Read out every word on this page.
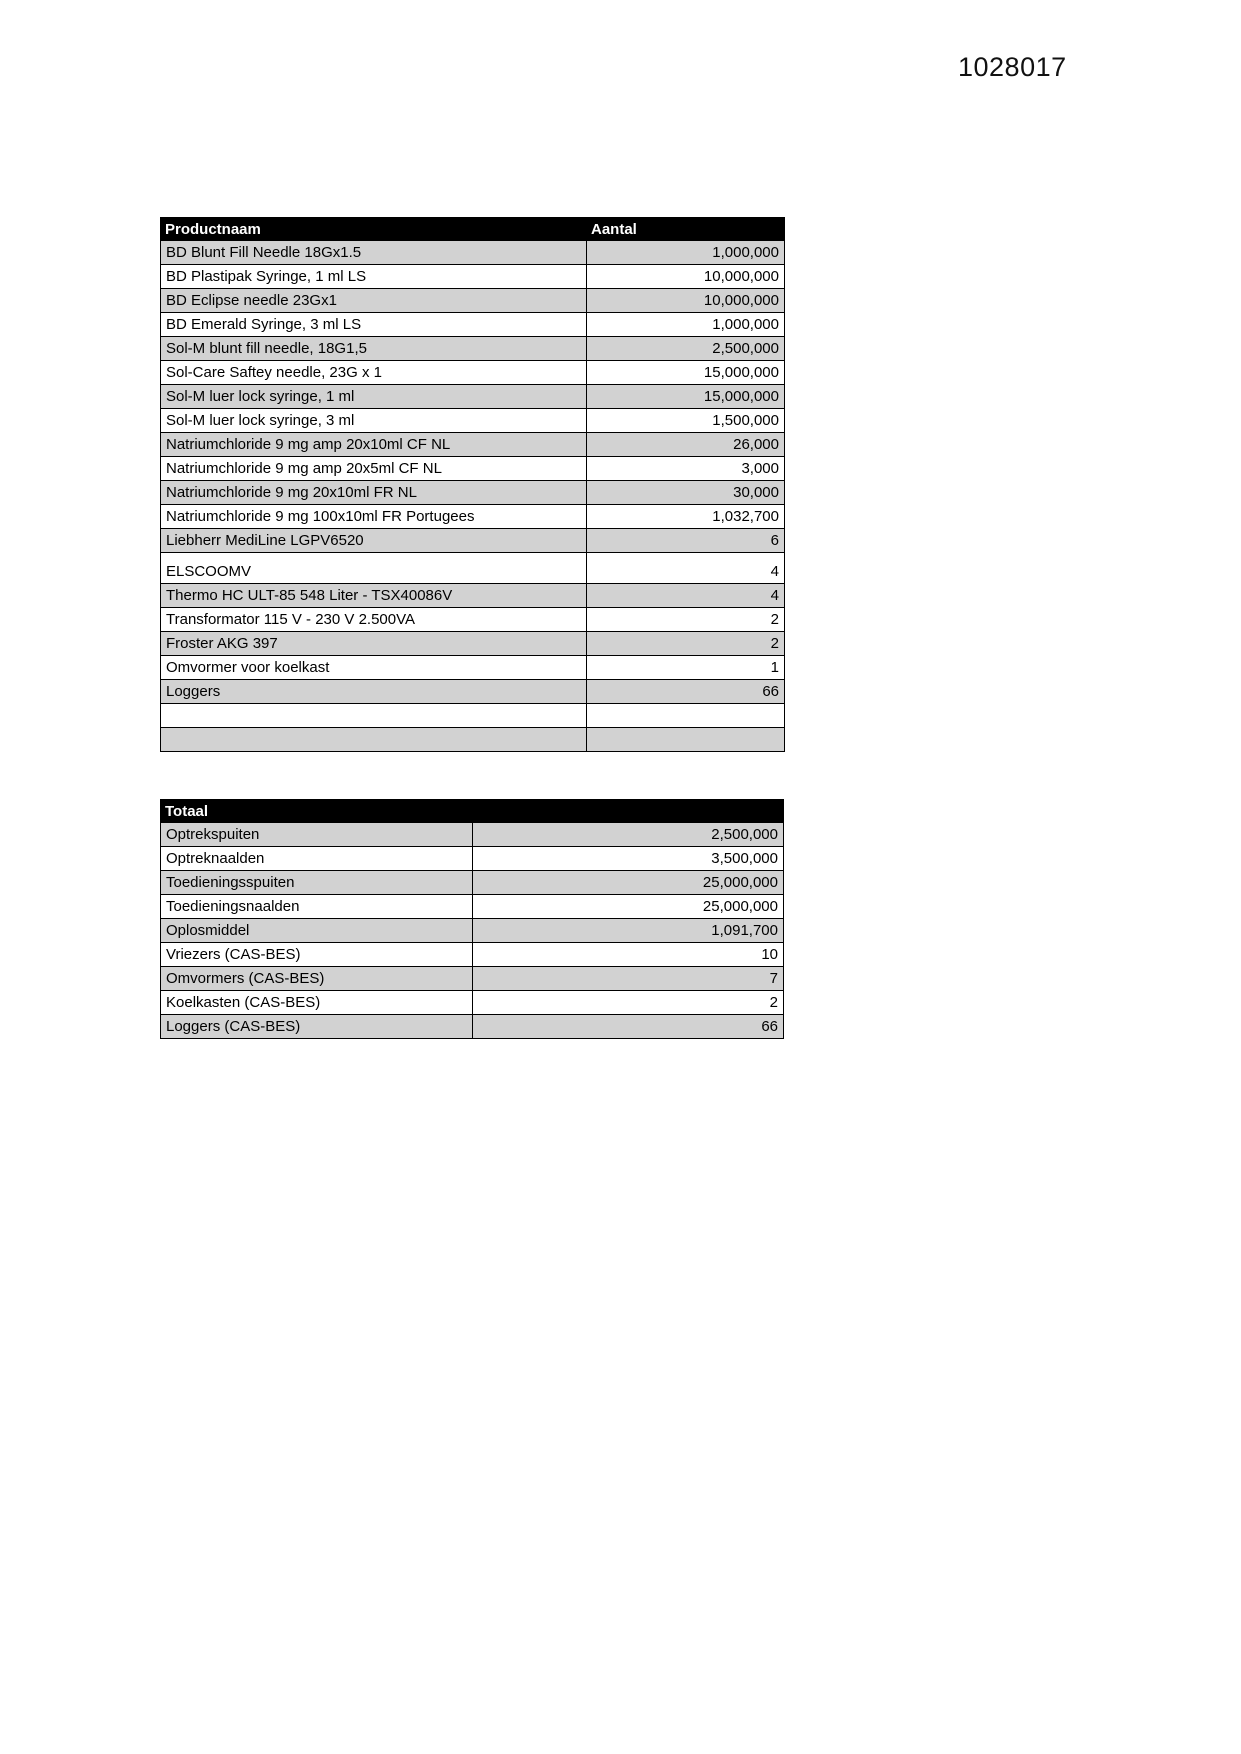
1028017
Productnaam	Aantal
BD Blunt Fill Needle 18Gx1.5	1,000,000
BD Plastipak Syringe, 1 ml LS	10,000,000
BD Eclipse needle 23Gx1	10,000,000
BD Emerald Syringe, 3 ml LS	1,000,000
Sol-M blunt fill needle, 18G1,5	2,500,000
Sol-Care Saftey needle, 23G x 1	15,000,000
Sol-M luer lock syringe, 1 ml	15,000,000
Sol-M luer lock syringe, 3 ml	1,500,000
Natriumchloride 9 mg amp 20x10ml CF NL	26,000
Natriumchloride 9 mg amp 20x5ml CF NL	3,000
Natriumchloride 9 mg 20x10ml FR NL	30,000
Natriumchloride 9 mg 100x10ml FR Portugees	1,032,700
Liebherr MediLine LGPV6520	6
ELSCOOMV	4
Thermo HC ULT-85 548 Liter - TSX40086V	4
Transformator 115 V - 230 V 2.500VA	2
Froster AKG 397	2
Omvormer voor koelkast	1
Loggers	66

Totaal	
Optrekspuiten	2,500,000
Optreknaalden	3,500,000
Toedieningsspuiten	25,000,000
Toedieningsnaalden	25,000,000
Oplosmiddel	1,091,700
Vriezers (CAS-BES)	10
Omvormers (CAS-BES)	7
Koelkasten (CAS-BES)	2
Loggers (CAS-BES)	66
